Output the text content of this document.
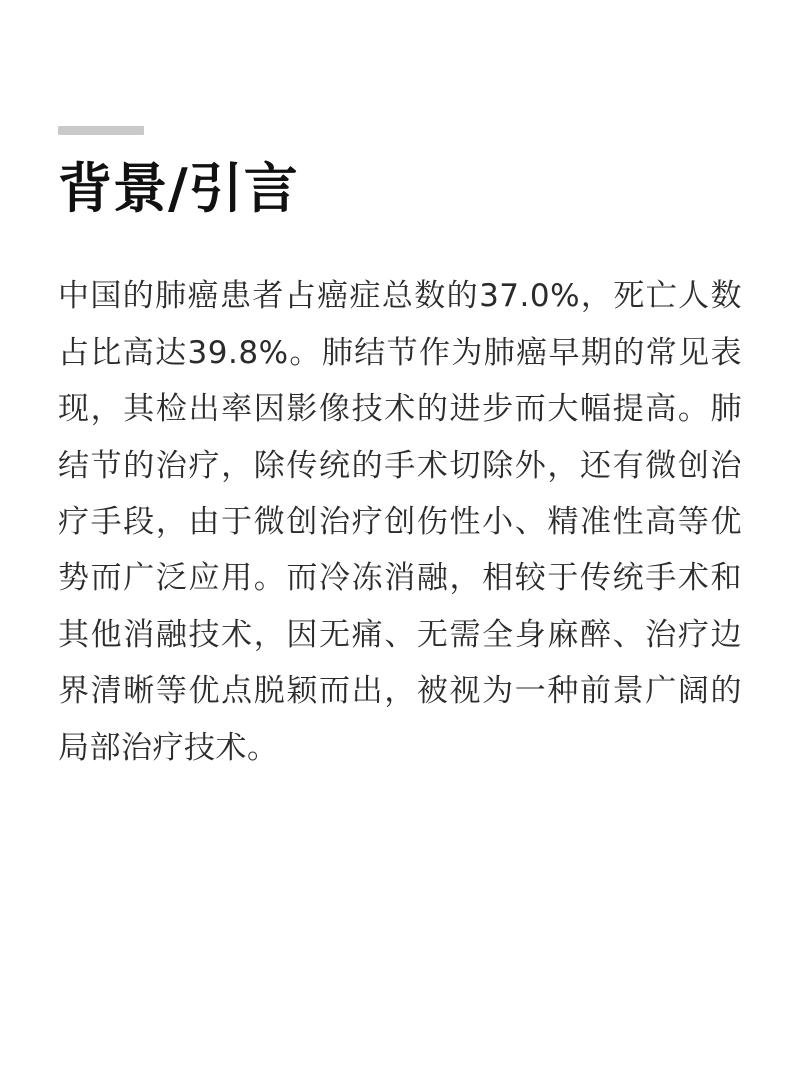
背景/引言

中国的肺癌患者占癌症总数的37.0%，死亡人数占比高达39.8%。肺结节作为肺癌早期的常见表现，其检出率因影像技术的进步而大幅提高。肺结节的治疗，除传统的手术切除外，还有微创治疗手段，由于微创治疗创伤性小、精准性高等优势而广泛应用。而冷冻消融，相较于传统手术和其他消融技术，因无痛、无需全身麻醉、治疗边界清晰等优点脱颖而出，被视为一种前景广阔的局部治疗技术。
